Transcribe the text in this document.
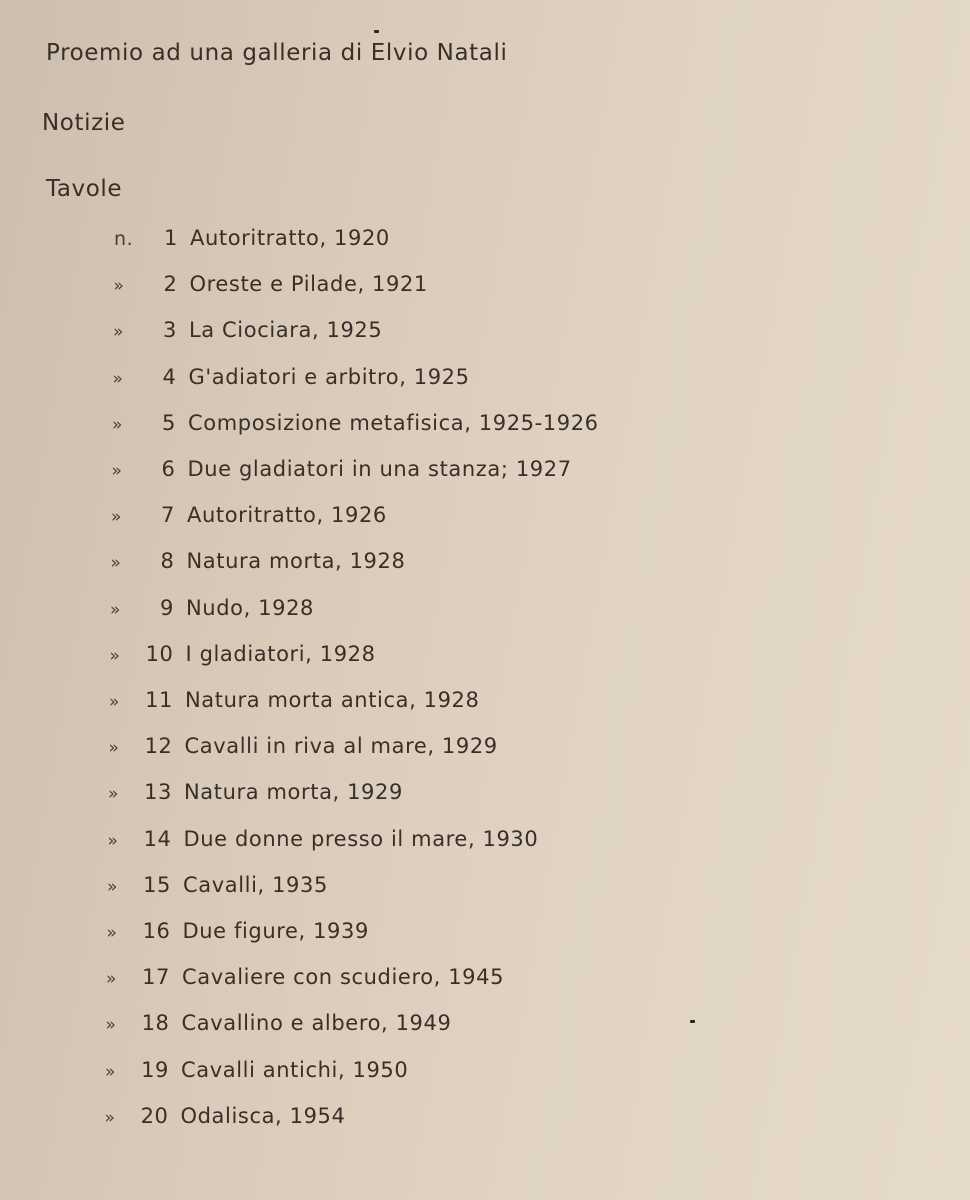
Proemio ad una galleria di Elvio Natali
Notizie
Tavole
n.	1 Autoritratto, 1920
»	2 Oreste e Pilade, 1921
»	3 La Ciociara, 1925
»	4 G'adiatori e arbitro, 1925
»	5 Composizione metafisica, 1925-1926
»	6 Due gladiatori in una stanza; 1927
»	7 Autoritratto, 1926
»	8 Natura morta, 1928
»	9 Nudo, 1928
»	10 I gladiatori, 1928
»	11 Natura morta antica, 1928
»	12 Cavalli in riva al mare, 1929
»	13 Natura morta, 1929
»	14 Due donne presso il mare, 1930
»	15 Cavalli, 1935
»	16 Due figure, 1939
»	17 Cavaliere con scudiero, 1945
»	18 Cavallino e albero, 1949
»	19 Cavalli antichi, 1950
»	20 Odalisca, 1954
